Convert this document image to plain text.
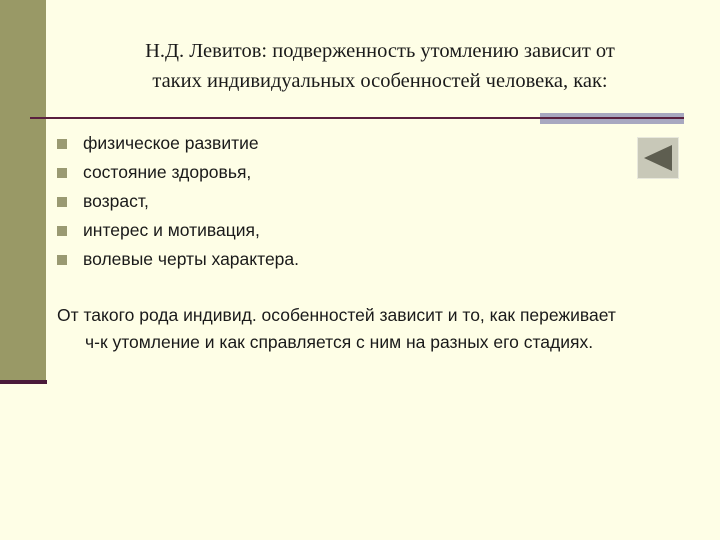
Н.Д. Левитов: подверженность утомлению зависит от
таких индивидуальных особенностей человека, как:
физическое развитие
состояние здоровья,
возраст,
интерес и мотивация,
волевые черты характера.
От такого рода индивид. особенностей зависит и то, как переживает
ч-к утомление и как справляется с ним на разных его стадиях.
